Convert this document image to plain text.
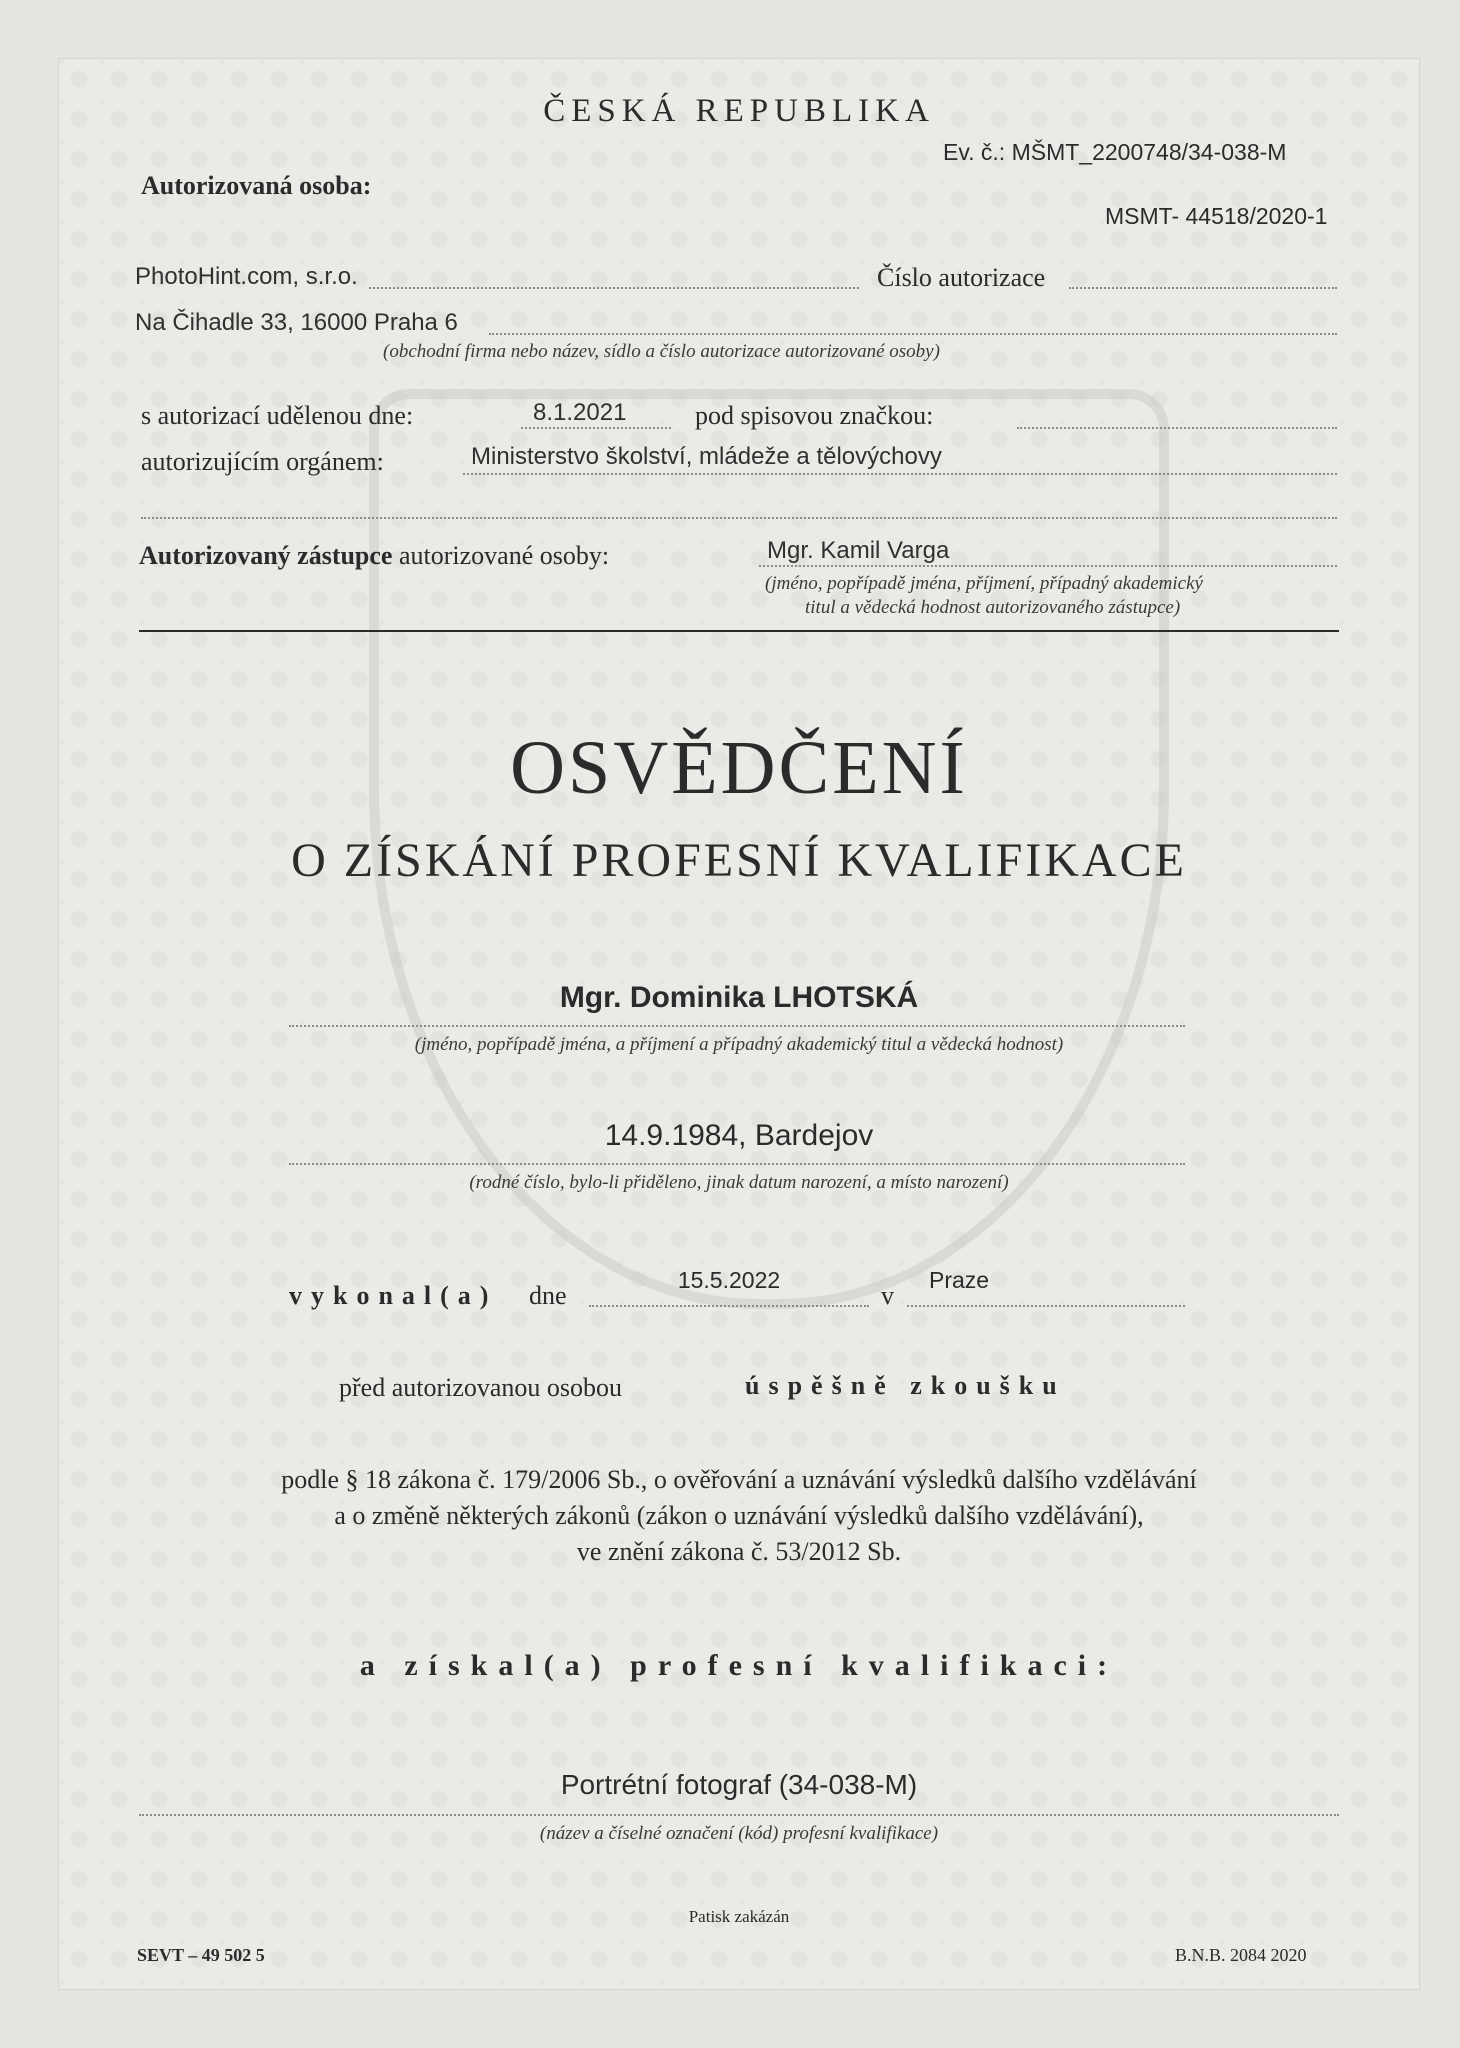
ČESKÁ REPUBLIKA
Ev. č.: MŠMT_2200748/34-038-M
Autorizovaná osoba:
MSMT- 44518/2020-1
PhotoHint.com, s.r.o.	Číslo autorizace
Na Čihadle 33, 16000 Praha 6
(obchodní firma nebo název, sídlo a číslo autorizace autorizované osoby)
s autorizací udělenou dne:	8.1.2021	pod spisovou značkou:
autorizujícím orgánem:	Ministerstvo školství, mládeže a tělovýchovy
Autorizovaný zástupce autorizované osoby:	Mgr. Kamil Varga
(jméno, popřípadě jména, příjmení, případný akademický
titul a vědecká hodnost autorizovaného zástupce)
OSVĚDČENÍ
O ZÍSKÁNÍ PROFESNÍ KVALIFIKACE
Mgr. Dominika LHOTSKÁ
(jméno, popřípadě jména, a příjmení a případný akademický titul a vědecká hodnost)
14.9.1984, Bardejov
(rodné číslo, bylo-li přiděleno, jinak datum narození, a místo narození)
vykonal(a) dne
15.5.2022
v
Praze
před autorizovanou osobou	úspěšně zkoušku
podle § 18 zákona č. 179/2006 Sb., o ověřování a uznávání výsledků dalšího vzdělávání
a o změně některých zákonů (zákon o uznávání výsledků dalšího vzdělávání),
ve znění zákona č. 53/2012 Sb.
a získal(a) profesní kvalifikaci:
Portrétní fotograf (34-038-M)
(název a číselné označení (kód) profesní kvalifikace)
Patisk zakázán
SEVT – 49 502 5	B.N.B. 2084 2020
